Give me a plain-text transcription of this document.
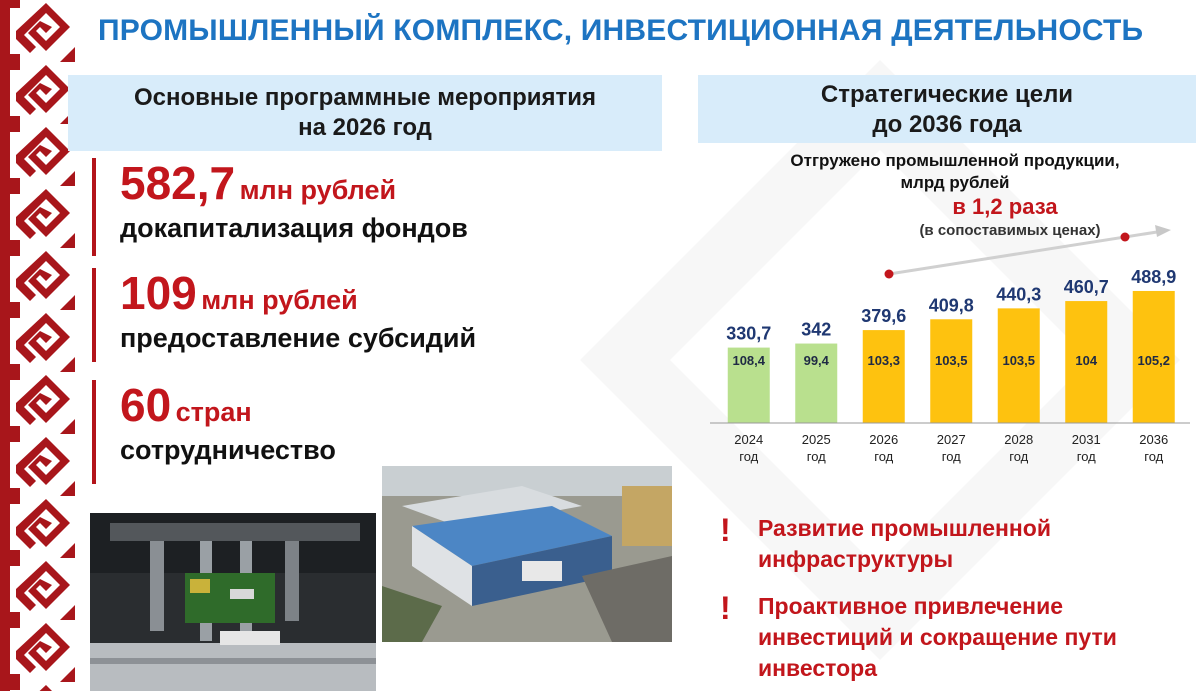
ПРОМЫШЛЕННЫЙ КОМПЛЕКС, ИНВЕСТИЦИОННАЯ ДЕЯТЕЛЬНОСТЬ
Основные программные мероприятия
на 2026 год
582,7 млн рублей
докапитализация фондов
109 млн рублей
предоставление субсидий
60 стран
сотрудничество
Стратегические цели
до 2036 года
Отгружено промышленной продукции,
млрд рублей
в 1,2 раза
(в сопоставимых ценах)
330,7
108,4
2024
год
342
99,4
2025
год
379,6
103,3
2026
год
409,8
103,5
2027
год
440,3
103,5
2028
год
460,7
104
2031
год
488,9
105,2
2036
год
! Развитие промышленной инфраструктуры
! Проактивное привлечение инвестиций и сокращение пути инвестора
